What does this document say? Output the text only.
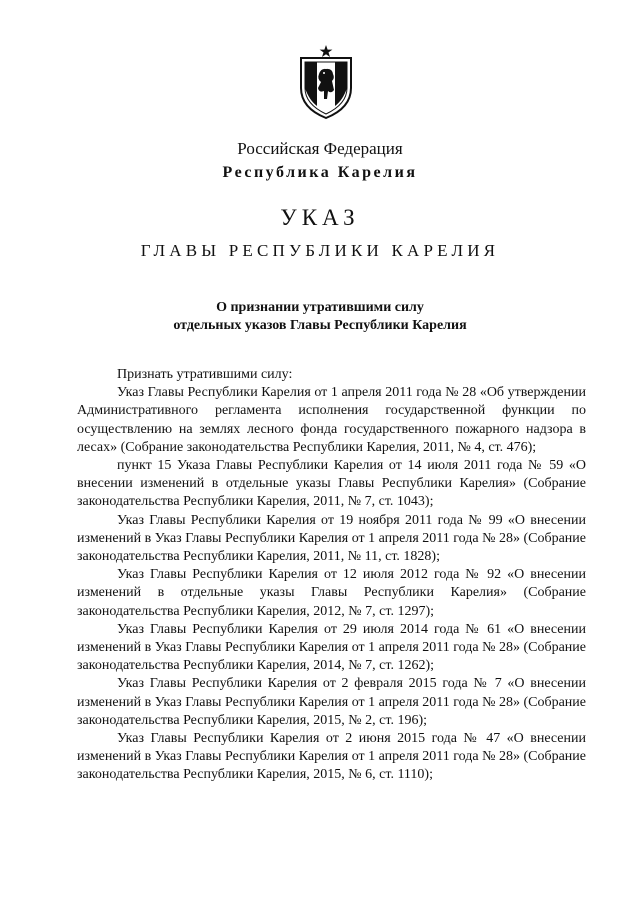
Российская Федерация
Республика Карелия
УКАЗ
ГЛАВЫ РЕСПУБЛИКИ КАРЕЛИЯ
О признании утратившими силу
отдельных указов Главы Республики Карелия

Признать утратившими силу:

Указ Главы Республики Карелия от 1 апреля 2011 года № 28 «Об утверждении Административного регламента исполнения государственной функции по осуществлению на землях лесного фонда государственного пожарного надзора в лесах» (Собрание законодательства Республики Карелия, 2011, № 4, ст. 476);

пункт 15 Указа Главы Республики Карелия от 14 июля 2011 года № 59 «О внесении изменений в отдельные указы Главы Республики Карелия» (Собрание законодательства Республики Карелия, 2011, № 7, ст. 1043);

Указ Главы Республики Карелия от 19 ноября 2011 года № 99 «О внесении изменений в Указ Главы Республики Карелия от 1 апреля 2011 года № 28» (Собрание законодательства Республики Карелия, 2011, № 11, ст. 1828);

Указ Главы Республики Карелия от 12 июля 2012 года № 92 «О внесении изменений в отдельные указы Главы Республики Карелия» (Собрание законодательства Республики Карелия, 2012, № 7, ст. 1297);

Указ Главы Республики Карелия от 29 июля 2014 года № 61 «О внесении изменений в Указ Главы Республики Карелия от 1 апреля 2011 года № 28» (Собрание законодательства Республики Карелия, 2014, № 7, ст. 1262);

Указ Главы Республики Карелия от 2 февраля 2015 года № 7 «О внесении изменений в Указ Главы Республики Карелия от 1 апреля 2011 года № 28» (Собрание законодательства Республики Карелия, 2015, № 2, ст. 196);

Указ Главы Республики Карелия от 2 июня 2015 года № 47 «О внесении изменений в Указ Главы Республики Карелия от 1 апреля 2011 года № 28» (Собрание законодательства Республики Карелия, 2015, № 6, ст. 1110);
